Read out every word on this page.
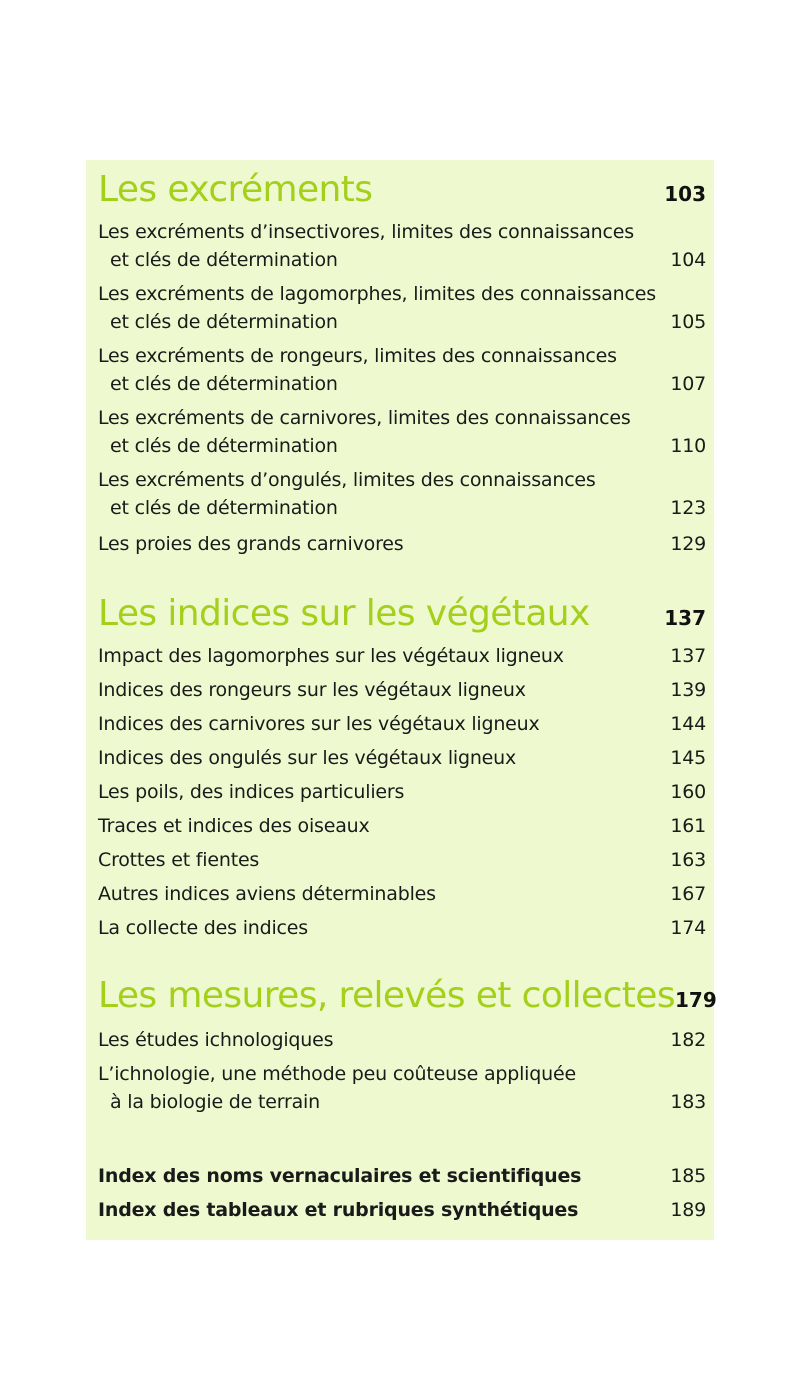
Les excréments	103
Les excréments d’insectivores, limites des connaissances
et clés de détermination	104
Les excréments de lagomorphes, limites des connaissances
et clés de détermination	105
Les excréments de rongeurs, limites des connaissances
et clés de détermination	107
Les excréments de carnivores, limites des connaissances
et clés de détermination	110
Les excréments d’ongulés, limites des connaissances
et clés de détermination	123
Les proies des grands carnivores	129
Les indices sur les végétaux	137
Impact des lagomorphes sur les végétaux ligneux	137
Indices des rongeurs sur les végétaux ligneux	139
Indices des carnivores sur les végétaux ligneux	144
Indices des ongulés sur les végétaux ligneux	145
Les poils, des indices particuliers	160
Traces et indices des oiseaux	161
Crottes et fientes	163
Autres indices aviens déterminables	167
La collecte des indices	174
Les mesures, relevés et collectes 179
Les études ichnologiques	182
L’ichnologie, une méthode peu coûteuse appliquée
à la biologie de terrain	183
Index des noms vernaculaires et scientifiques	185
Index des tableaux et rubriques synthétiques	189
